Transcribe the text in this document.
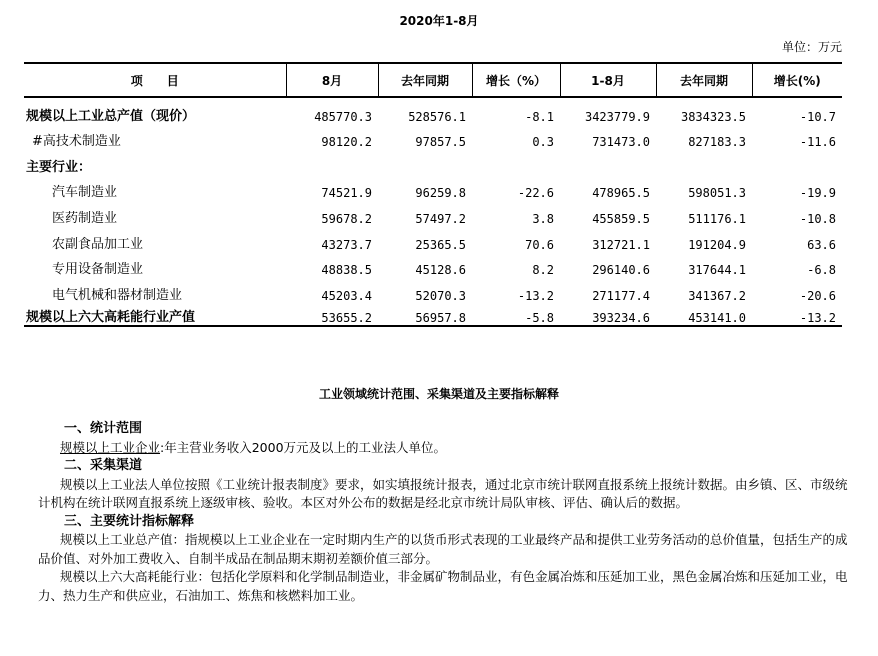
2020年1-8月
单位：万元
项　　目	8月	去年同期	增长（%）	1-8月	去年同期	增长(%)
规模以上工业总产值（现价）	485770.3	528576.1	-8.1	3423779.9	3834323.5	-10.7
#高技术制造业	98120.2	97857.5	0.3	731473.0	827183.3	-11.6
主要行业：						
汽车制造业	74521.9	96259.8	-22.6	478965.5	598051.3	-19.9
医药制造业	59678.2	57497.2	3.8	455859.5	511176.1	-10.8
农副食品加工业	43273.7	25365.5	70.6	312721.1	191204.9	63.6
专用设备制造业	48838.5	45128.6	8.2	296140.6	317644.1	-6.8
电气机械和器材制造业	45203.4	52070.3	-13.2	271177.4	341367.2	-20.6
规模以上六大高耗能行业产值	53655.2	56957.8	-5.8	393234.6	453141.0	-13.2
工业领域统计范围、采集渠道及主要指标解释
一、统计范围
规模以上工业企业:年主营业务收入2000万元及以上的工业法人单位。
二、采集渠道
规模以上工业法人单位按照《工业统计报表制度》要求，如实填报统计报表，通过北京市统计联网直报系统上报统计数据。由乡镇、区、市级统计机构在统计联网直报系统上逐级审核、验收。本区对外公布的数据是经北京市统计局队审核、评估、确认后的数据。
三、主要统计指标解释
规模以上工业总产值：指规模以上工业企业在一定时期内生产的以货币形式表现的工业最终产品和提供工业劳务活动的总价值量，包括生产的成品价值、对外加工费收入、自制半成品在制品期末期初差额价值三部分。
规模以上六大高耗能行业：包括化学原料和化学制品制造业，非金属矿物制品业，有色金属冶炼和压延加工业，黑色金属冶炼和压延加工业，电力、热力生产和供应业，石油加工、炼焦和核燃料加工业。
